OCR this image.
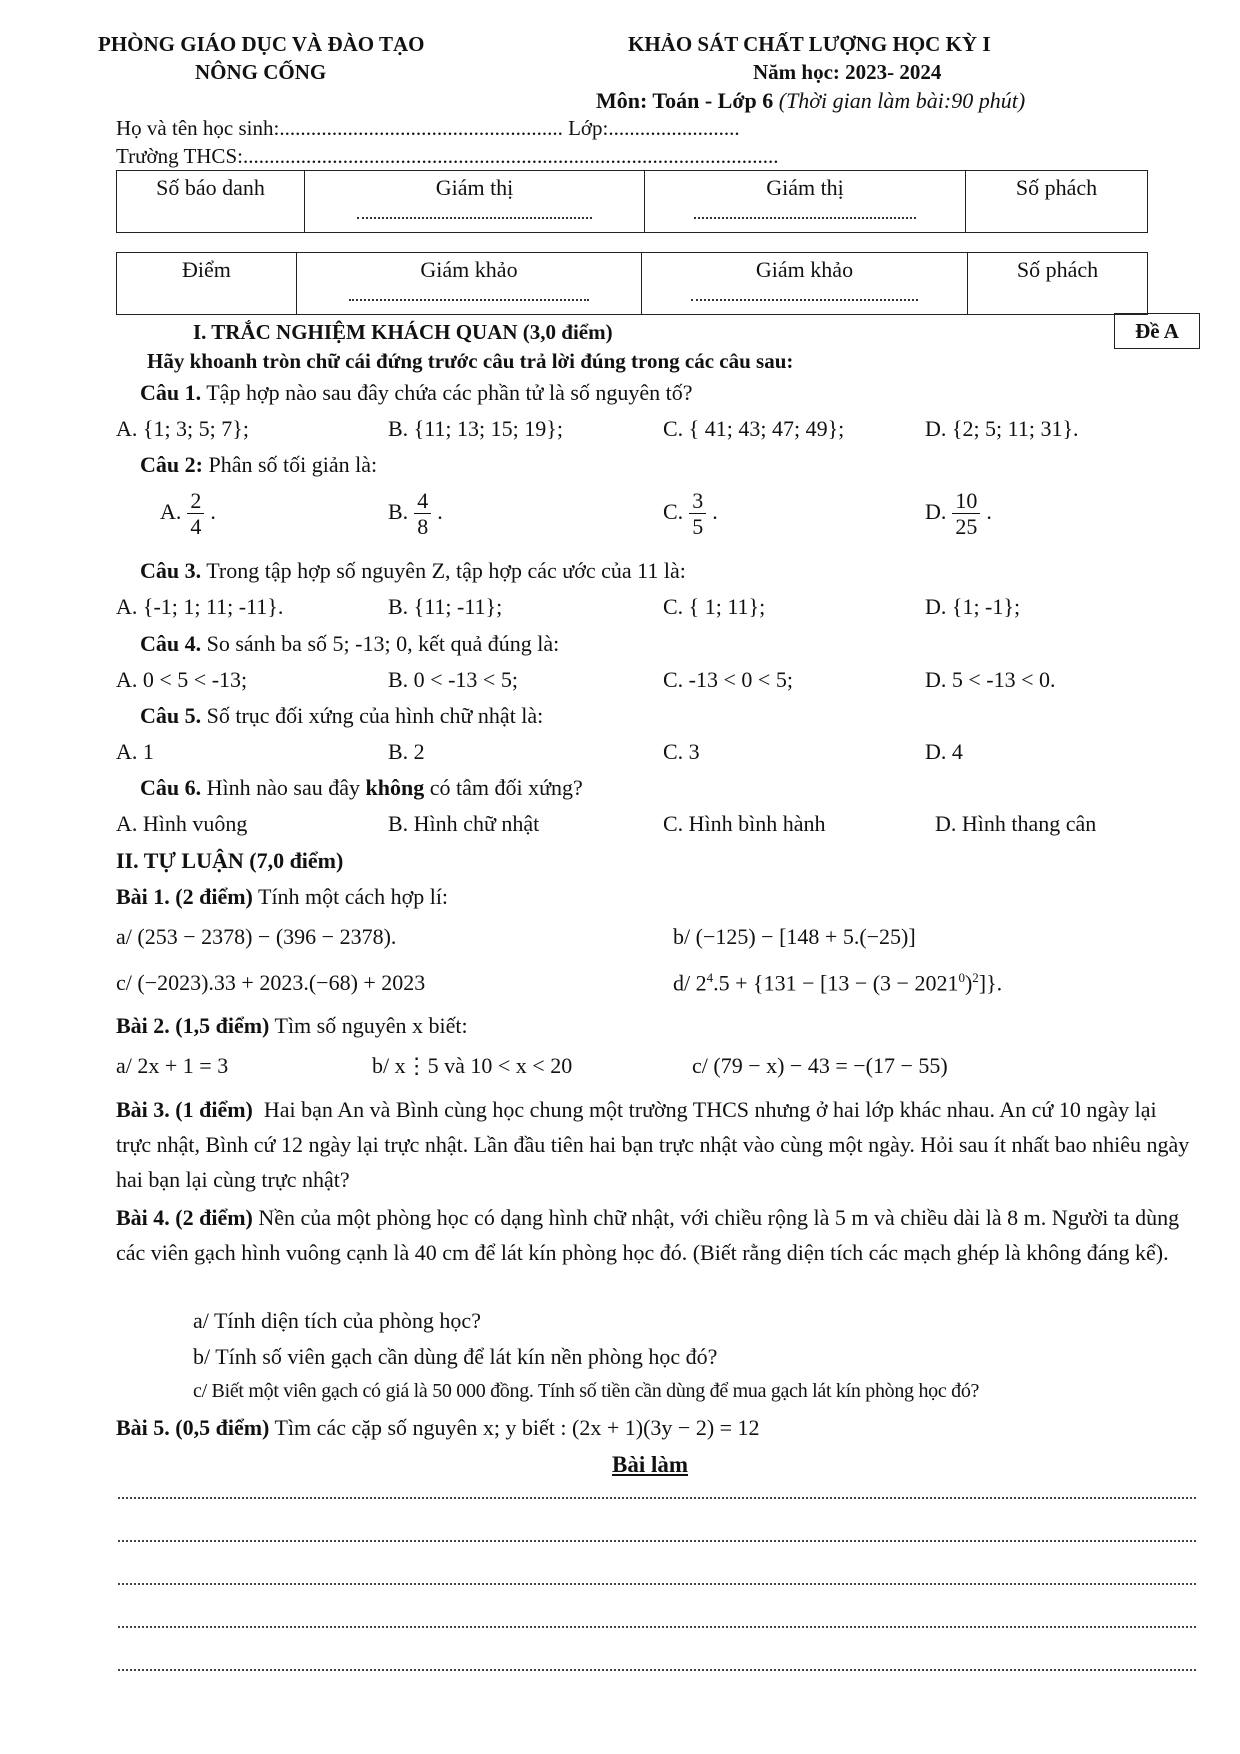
PHÒNG GIÁO DỤC VÀ ĐÀO TẠO
NÔNG CỐNG
KHẢO SÁT CHẤT LƯỢNG HỌC KỲ I
Năm học: 2023- 2024
Môn: Toán - Lớp 6 (Thời gian làm bài:90 phút)
Họ và tên học sinh:...................................................... Lớp:.........................
Trường THCS:......................................................................................................
Số báo danh	Giám thị	Giám thị	Số phách
Điểm	Giám khảo	Giám khảo	Số phách
I. TRẮC NGHIỆM KHÁCH QUAN (3,0 điểm)	Đề A
Hãy khoanh tròn chữ cái đứng trước câu trả lời đúng trong các câu sau:
Câu 1. Tập hợp nào sau đây chứa các phần tử là số nguyên tố?
A. {1; 3; 5; 7};	B. {11; 13; 15; 19};	C. { 41; 43; 47; 49};	D. {2; 5; 11; 31}.
Câu 2: Phân số tối giản là:
A. $\frac{2}{4}$ .	B. $\frac{4}{8}$ .	C. $\frac{3}{5}$ .	D. $\frac{10}{25}$ .
Câu 3. Trong tập hợp số nguyên Z, tập hợp các ước của 11 là:
A. {-1; 1; 11; -11}.	B. {11; -11};	C. { 1; 11};	D. {1; -1};
Câu 4. So sánh ba số 5; -13; 0, kết quả đúng là:
A. 0 < 5 < -13;	B. 0 < -13 < 5;	C. -13 < 0 < 5;	D. 5 < -13 < 0.
Câu 5. Số trục đối xứng của hình chữ nhật là:
A. 1	B. 2	C. 3	D. 4
Câu 6. Hình nào sau đây không có tâm đối xứng?
A. Hình vuông	B. Hình chữ nhật	C. Hình bình hành	D. Hình thang cân
II. TỰ LUẬN (7,0 điểm)
Bài 1. (2 điểm) Tính một cách hợp lí:
a/ (253 − 2378) − (396 − 2378).	b/ (−125) − [148 + 5.(−25)]
c/ (−2023).33 + 2023.(−68) + 2023	d/ $2^4.5 + \{131 - [13 - (3 - 2021^0)^2]\}$.
Bài 2. (1,5 điểm) Tìm số nguyên x biết:
a/ 2x + 1 = 3	b/ x⋮5 và 10 < x < 20	c/ (79 − x) − 43 = −(17 − 55)
Bài 3. (1 điểm) Hai bạn An và Bình cùng học chung một trường THCS nhưng ở hai lớp khác nhau. An cứ 10 ngày lại trực nhật, Bình cứ 12 ngày lại trực nhật. Lần đầu tiên hai bạn trực nhật vào cùng một ngày. Hỏi sau ít nhất bao nhiêu ngày hai bạn lại cùng trực nhật?
Bài 4. (2 điểm) Nền của một phòng học có dạng hình chữ nhật, với chiều rộng là 5 m và chiều dài là 8 m. Người ta dùng các viên gạch hình vuông cạnh là 40 cm để lát kín phòng học đó. (Biết rằng diện tích các mạch ghép là không đáng kể).
a/ Tính diện tích của phòng học?
b/ Tính số viên gạch cần dùng để lát kín nền phòng học đó?
c/ Biết một viên gạch có giá là 50 000 đồng. Tính số tiền cần dùng để mua gạch lát kín phòng học đó?
Bài 5. (0,5 điểm) Tìm các cặp số nguyên x; y biết : (2x + 1)(3y − 2) = 12
Bài làm
